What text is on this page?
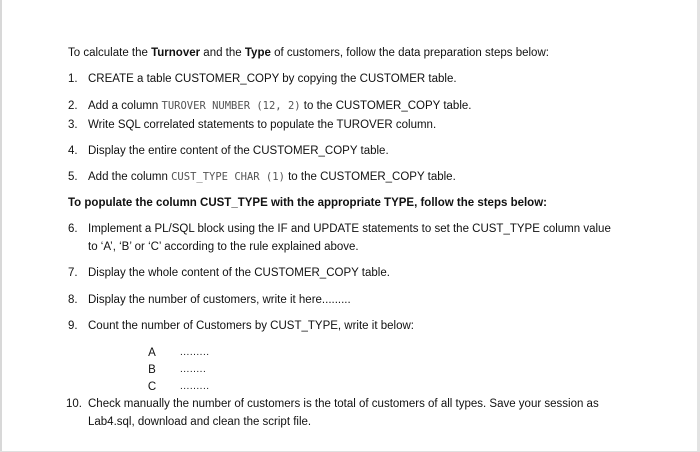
To calculate the Turnover and the Type of customers, follow the data preparation steps below:
1. CREATE a table CUSTOMER_COPY by copying the CUSTOMER table.
2. Add a column TUROVER NUMBER (12, 2) to the CUSTOMER_COPY table.
3. Write SQL correlated statements to populate the TUROVER column.
4. Display the entire content of the CUSTOMER_COPY table.
5. Add the column CUST_TYPE CHAR (1) to the CUSTOMER_COPY table.
To populate the column CUST_TYPE with the appropriate TYPE, follow the steps below:
6. Implement a PL/SQL block using the IF and UPDATE statements to set the CUST_TYPE column value
to ‘A’, ‘B’ or ‘C’ according to the rule explained above.
7. Display the whole content of the CUSTOMER_COPY table.
8. Display the number of customers, write it here.........
9. Count the number of Customers by CUST_TYPE, write it below:
A .........
B ........
C .........
10. Check manually the number of customers is the total of customers of all types. Save your session as
Lab4.sql, download and clean the script file.
